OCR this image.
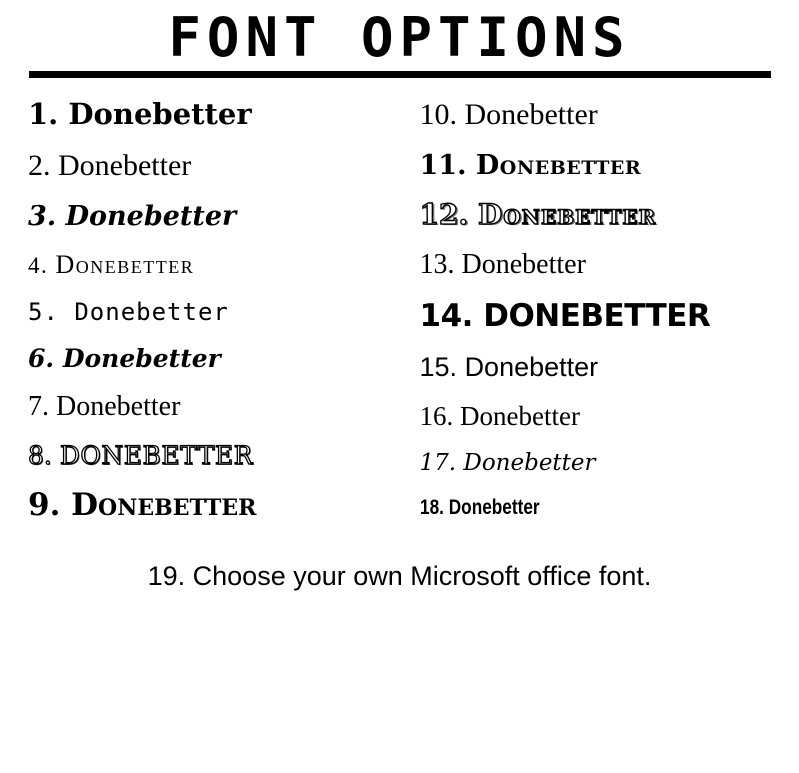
FONT OPTIONS
1. Donebetter
2. Donebetter
3. Donebetter
4. Donebetter
5. Donebetter
6. Donebetter
7. Donebetter
8. DONEBETTER
9. Donebetter
10. Donebetter
11. Donebetter
12. Donebetter
13. Donebetter
14. DONEBETTER
15. Donebetter
16. Donebetter
17. Donebetter
18. Donebetter
19. Choose your own Microsoft office font.
